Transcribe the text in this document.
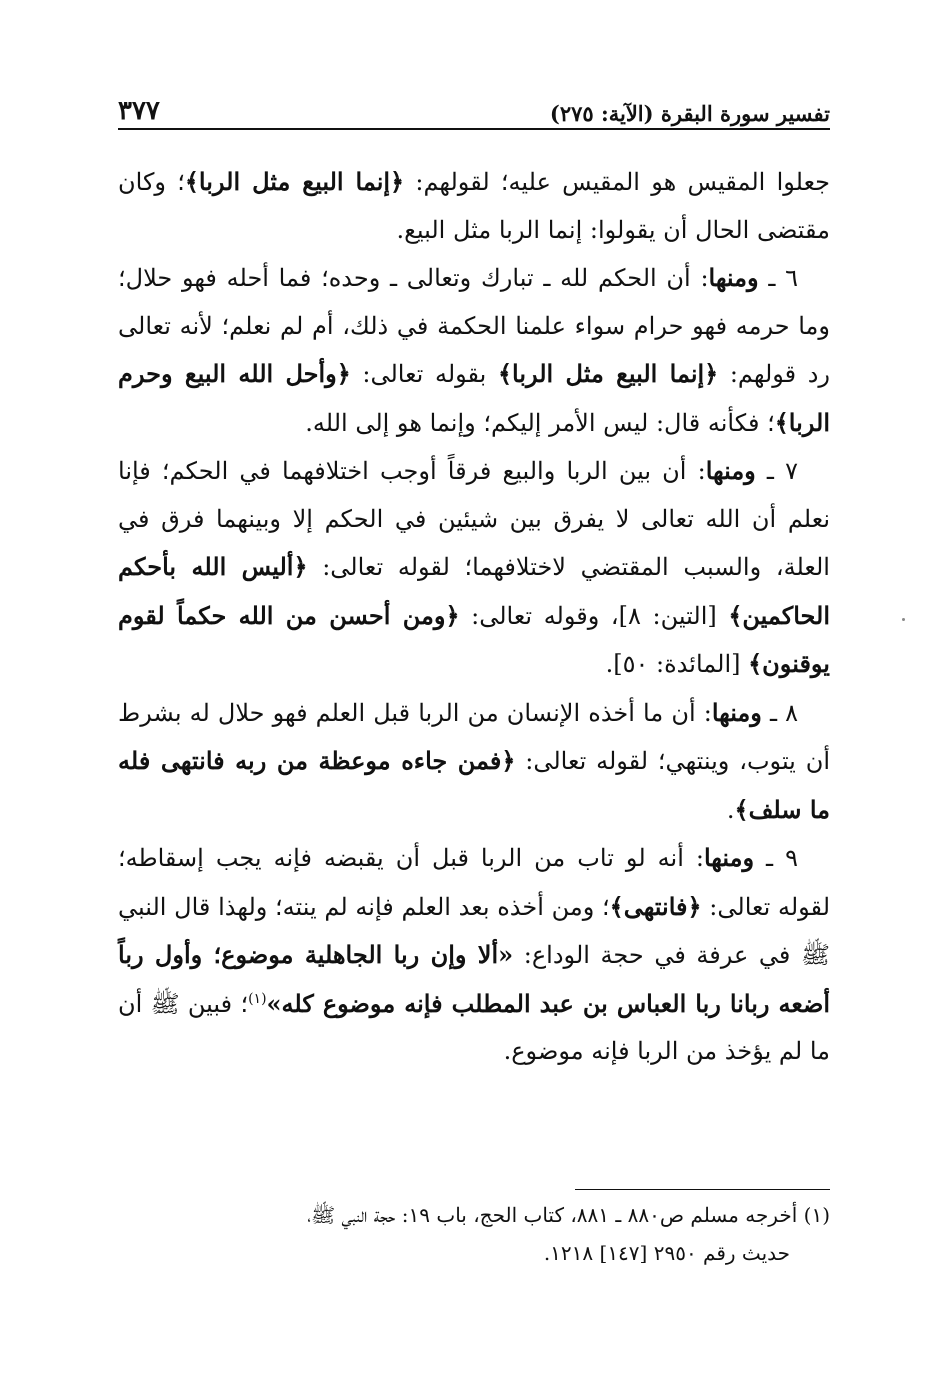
تفسير سورة البقرة (الآية: ٢٧٥)
٣٧٧

جعلوا المقيس هو المقيس عليه؛ لقولهم: ﴿إنما البيع مثل الربا﴾؛ وكان مقتضى الحال أن يقولوا: إنما الربا مثل البيع.

٦ ـ ومنها: أن الحكم لله ـ تبارك وتعالى ـ وحده؛ فما أحله فهو حلال؛ وما حرمه فهو حرام سواء علمنا الحكمة في ذلك، أم لم نعلم؛ لأنه تعالى رد قولهم: ﴿إنما البيع مثل الربا﴾ بقوله تعالى: ﴿وأحل الله البيع وحرم الربا﴾؛ فكأنه قال: ليس الأمر إليكم؛ وإنما هو إلى الله.

٧ ـ ومنها: أن بين الربا والبيع فرقاً أوجب اختلافهما في الحكم؛ فإنا نعلم أن الله تعالى لا يفرق بين شيئين في الحكم إلا وبينهما فرق في العلة، والسبب المقتضي لاختلافهما؛ لقوله تعالى: ﴿أليس الله بأحكم الحاكمين﴾ [التين: ٨]، وقوله تعالى: ﴿ومن أحسن من الله حكماً لقوم يوقنون﴾ [المائدة: ٥٠].

٨ ـ ومنها: أن ما أخذه الإنسان من الربا قبل العلم فهو حلال له بشرط أن يتوب، وينتهي؛ لقوله تعالى: ﴿فمن جاءه موعظة من ربه فانتهى فله ما سلف﴾.

٩ ـ ومنها: أنه لو تاب من الربا قبل أن يقبضه فإنه يجب إسقاطه؛ لقوله تعالى: ﴿فانتهى﴾؛ ومن أخذه بعد العلم فإنه لم ينته؛ ولهذا قال النبي ﷺ في عرفة في حجة الوداع: «ألا وإن ربا الجاهلية موضوع؛ وأول رباً أضعه ربانا ربا العباس بن عبد المطلب فإنه موضوع كله»$^{(١)}$؛ فبين ﷺ أن ما لم يؤخذ من الربا فإنه موضوع.

(١) أخرجه مسلم ص٨٨٠ ـ ٨٨١، كتاب الحج، باب ١٩: حجة النبي ﷺ،
حديث رقم ٢٩٥٠ [١٤٧] ١٢١٨.
